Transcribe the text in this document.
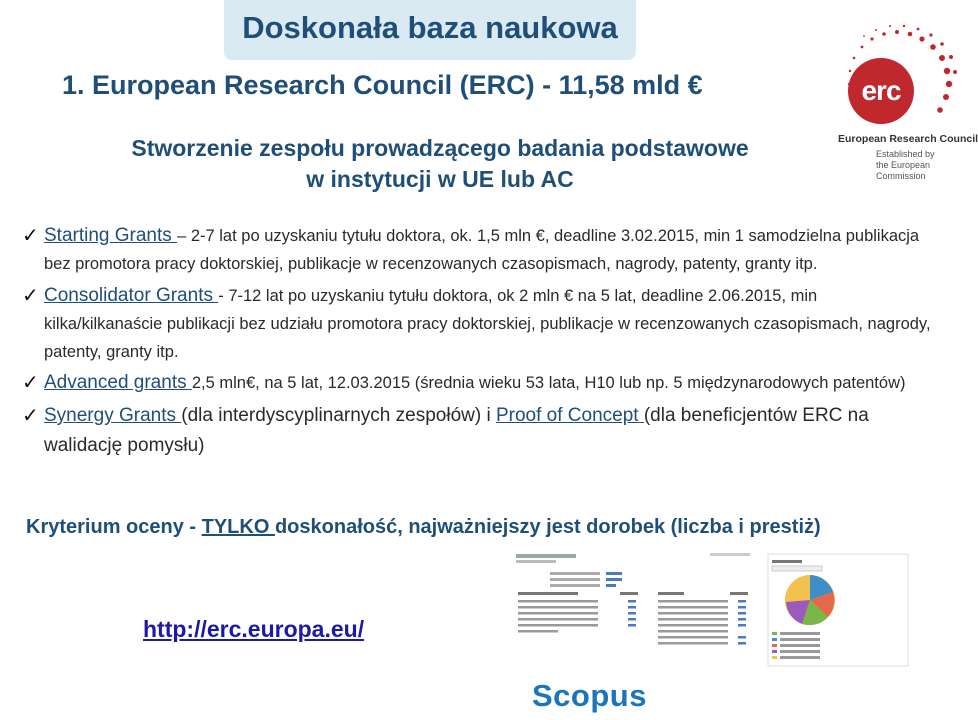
Doskonała baza naukowa
1. European Research Council (ERC) - 11,58 mld €
Stworzenie zespołu prowadzącego badania podstawowe
w instytucji w UE lub AC
erc
European Research Council
Established by
the European Commission
✓ Starting Grants – 2-7 lat po uzyskaniu tytułu doktora, ok. 1,5 mln €, deadline 3.02.2015, min 1 samodzielna publikacja bez promotora pracy doktorskiej, publikacje w recenzowanych czasopismach, nagrody, patenty, granty itp.
✓ Consolidator Grants - 7-12 lat po uzyskaniu tytułu doktora, ok 2 mln € na 5 lat, deadline 2.06.2015, min kilka/kilkanaście publikacji bez udziału promotora pracy doktorskiej, publikacje w recenzowanych czasopismach, nagrody, patenty, granty itp.
✓ Advanced grants 2,5 mln€, na 5 lat, 12.03.2015 (średnia wieku 53 lata, H10 lub np. 5 międzynarodowych patentów)
✓ Synergy Grants (dla interdyscyplinarnych zespołów) i Proof of Concept (dla beneficjentów ERC na walidację pomysłu)
Kryterium oceny - TYLKO doskonałość, najważniejszy jest dorobek (liczba i prestiż)
http://erc.europa.eu/
Scopus
